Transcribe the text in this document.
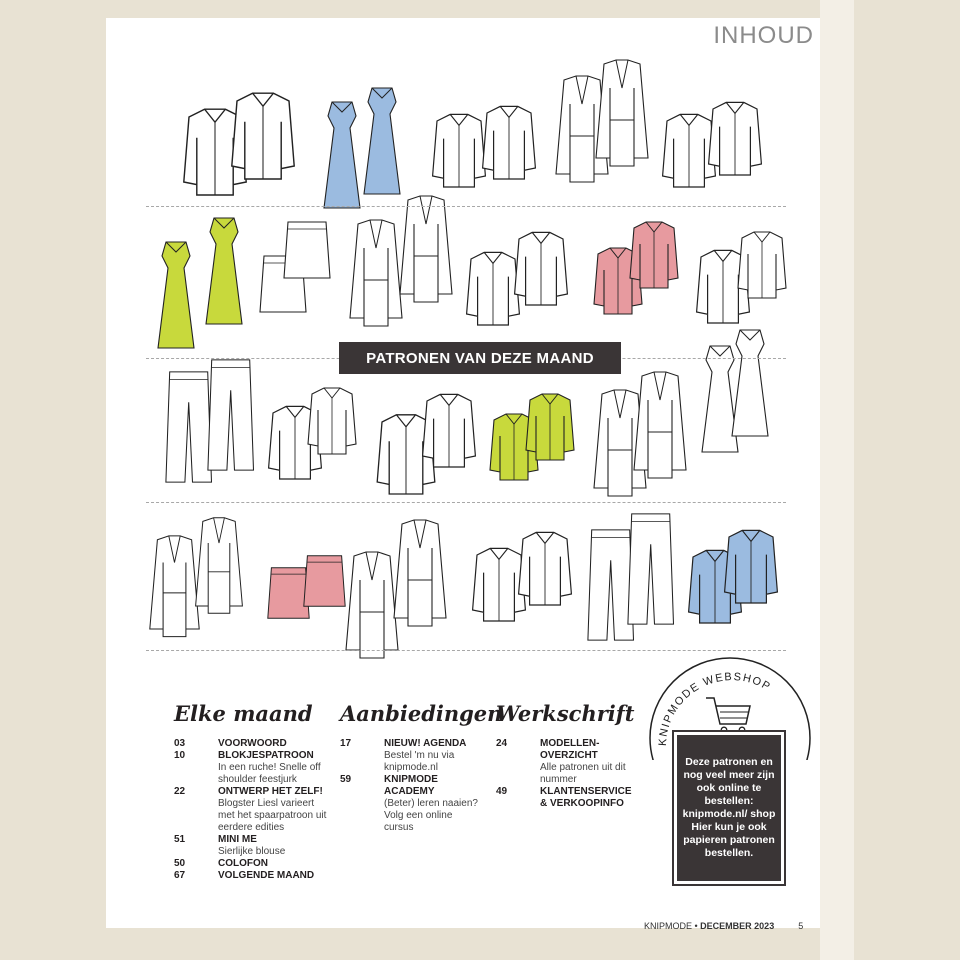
INHOUD
PATRONEN VAN DEZE MAAND
Elke maand
03	VOORWOORD
10	BLOKJESPATROON
In een ruche! Snelle off shoulder feestjurk
22	ONTWERP HET ZELF!
Blogster Liesl varieert met het spaarpatroon uit eerdere edities
51	MINI ME
Sierlijke blouse
50	COLOFON
67	VOLGENDE MAAND
Aanbiedingen
17	NIEUW! AGENDA
Bestel 'm nu via knipmode.nl
59	KNIPMODE ACADEMY
(Beter) leren naaien? Volg een online cursus
Werkschrift
24	MODELLEN-OVERZICHT
Alle patronen uit dit nummer
49	KLANTENSERVICE & VERKOOPINFO
KNIPMODE • DECEMBER 2023	5
KNIPMODE WEBSHOP
Deze patronen en nog veel meer zijn ook online te bestellen: knipmode.nl/ shop Hier kun je ook papieren patronen bestellen.
